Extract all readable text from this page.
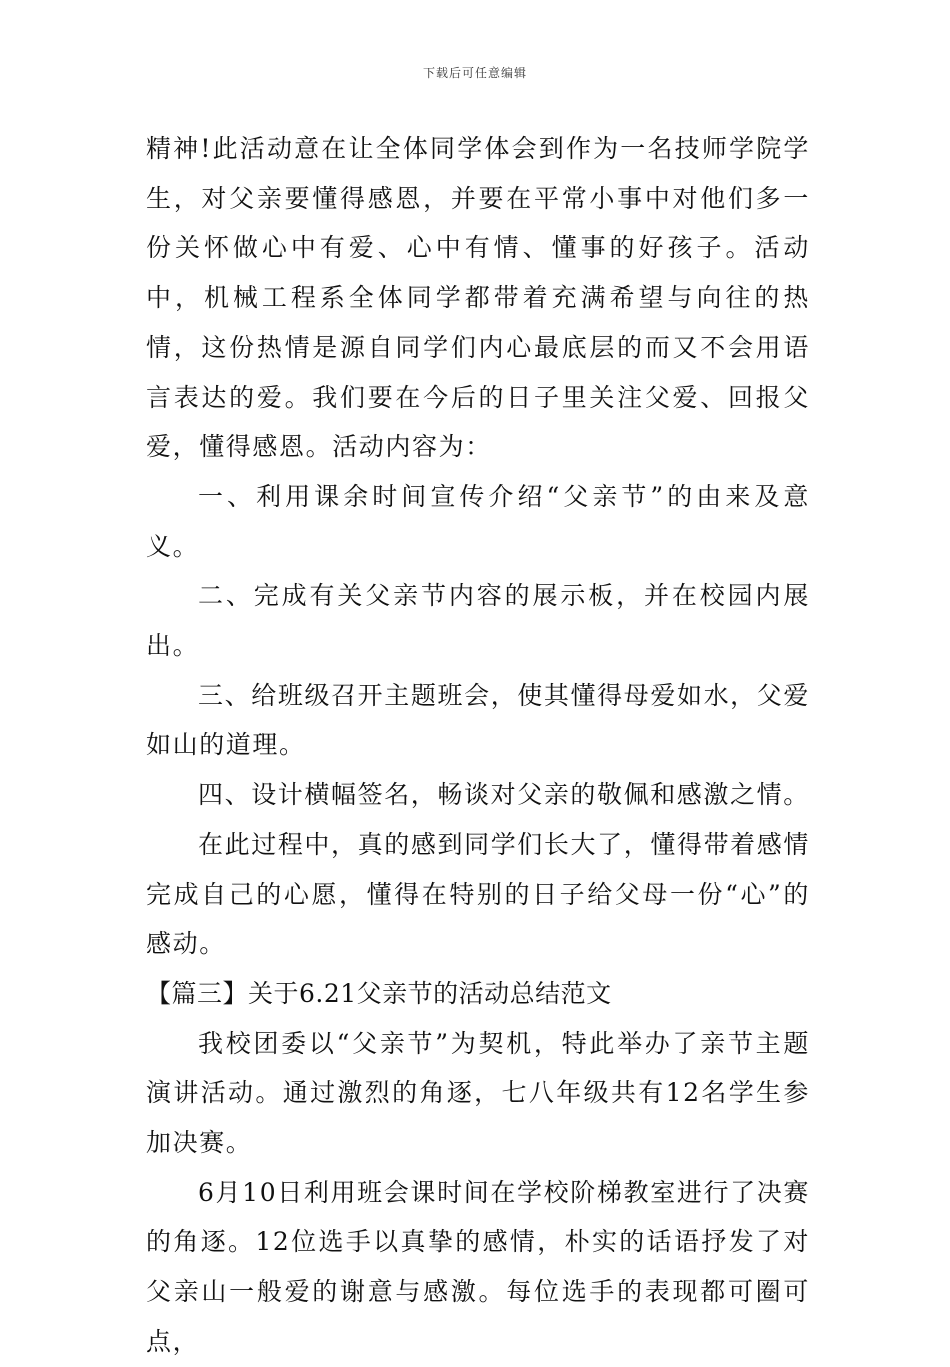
下载后可任意编辑

精神!此活动意在让全体同学体会到作为一名技师学院学生，对父亲要懂得感恩，并要在平常小事中对他们多一份关怀做心中有爱、心中有情、懂事的好孩子。活动中，机械工程系全体同学都带着充满希望与向往的热情，这份热情是源自同学们内心最底层的而又不会用语言表达的爱。我们要在今后的日子里关注父爱、回报父爱，懂得感恩。活动内容为：

一、利用课余时间宣传介绍“父亲节”的由来及意义。

二、完成有关父亲节内容的展示板，并在校园内展出。

三、给班级召开主题班会，使其懂得母爱如水，父爱如山的道理。

四、设计横幅签名，畅谈对父亲的敬佩和感激之情。

在此过程中，真的感到同学们长大了，懂得带着感情完成自己的心愿，懂得在特别的日子给父母一份“心”的感动。

【篇三】关于6.21父亲节的活动总结范文

我校团委以“父亲节”为契机，特此举办了亲节主题演讲活动。通过激烈的角逐，七八年级共有12名学生参加决赛。

6月10日利用班会课时间在学校阶梯教室进行了决赛的角逐。12位选手以真挚的感情，朴实的话语抒发了对父亲山一般爱的谢意与感激。每位选手的表现都可圈可点，
